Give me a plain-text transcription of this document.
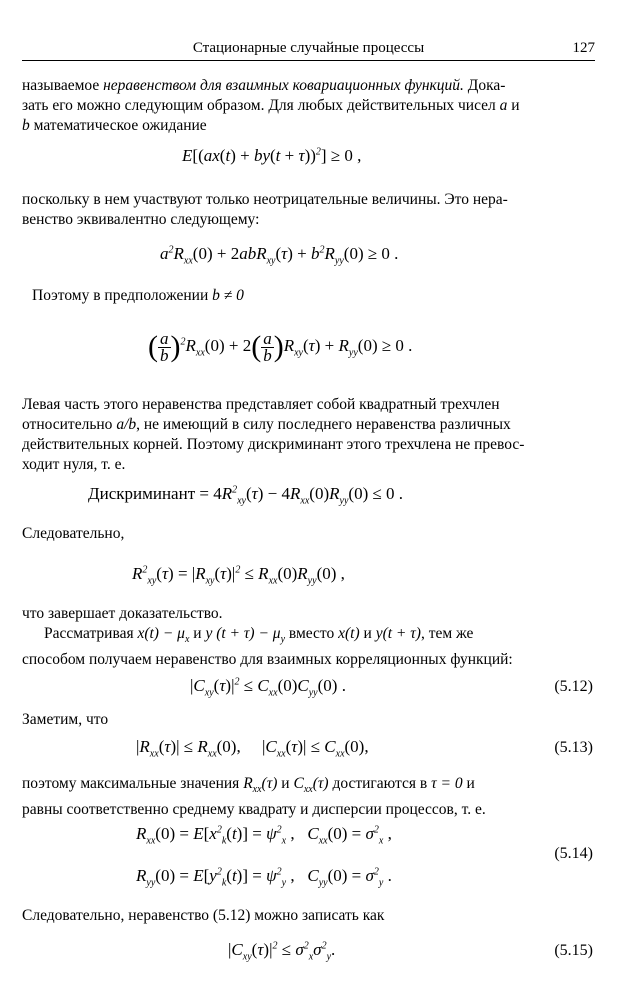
Стационарные случайные процессы	127
называемое неравенством для взаимных ковариационных функций. Дока-
зать его можно следующим образом. Для любых действительных чисел a и
b математическое ожидание
$E[(ax(t) + by(t + \tau))^2] \ge 0$ ,
поскольку в нем участвуют только неотрицательные величины. Это нера-
венство эквивалентно следующему:
$a^2R_{xx}(0) + 2abR_{xy}(\tau) + b^2R_{yy}(0) \ge 0$ .
Поэтому в предположении b ≠ 0
( $\frac{a}{b} )^2R_{xx}(0) + 2( \frac{a}{b} )R_{xy}(\tau) + R_{yy}(0) \ge 0$ .
Левая часть этого неравенства представляет собой квадратный трехчлен
относительно a/b, не имеющий в силу последнего неравенства различных
действительных корней. Поэтому дискриминант этого трехчлена не превос-
ходит нуля, т. е.
Дискриминант = $4R^2_{xy}(\tau) - 4R_{xx}(0)R_{yy}(0) \le 0$ .
Следовательно,
$R^2_{xy}(\tau) = |R_{xy}(\tau)|^2 \le R_{xx}(0)R_{yy}(0)$ ,
что завершает доказательство.
Рассматривая $x(t) - \mu_x$ и y $(t + \tau) - \mu_y$ вместо x(t) и y(t + τ), тем же
способом получаем неравенство для взаимных корреляционных функций:
$|C_{xy}(\tau)|^2 \le C_{xx}(0)C_{yy}(0)$ .	(5.12)
Заметим, что
$|R_{xx}(\tau)| \le R_{xx}(0)$,     $|C_{xx}(\tau)| \le C_{xx}(0)$,	(5.13)
поэтому максимальные значения $R_{xx}(\tau)$ и $C_{xx}(\tau)$ достигаются в τ = 0 и
равны соответственно среднему квадрату и дисперсии процессов, т. е.
$R_{xx}(0) = E[x^2_k(t)] = \psi^2_x$ ,   $C_{xx}(0) = \sigma^2_x$ ,
(5.14)
$R_{yy}(0) = E[y^2_k(t)] = \psi^2_y$ ,   $C_{yy}(0) = \sigma^2_y$ .
Следовательно, неравенство (5.12) можно записать как
$|C_{xy}(\tau)|^2 \le \sigma^2_x\sigma^2_y$.	(5.15)
